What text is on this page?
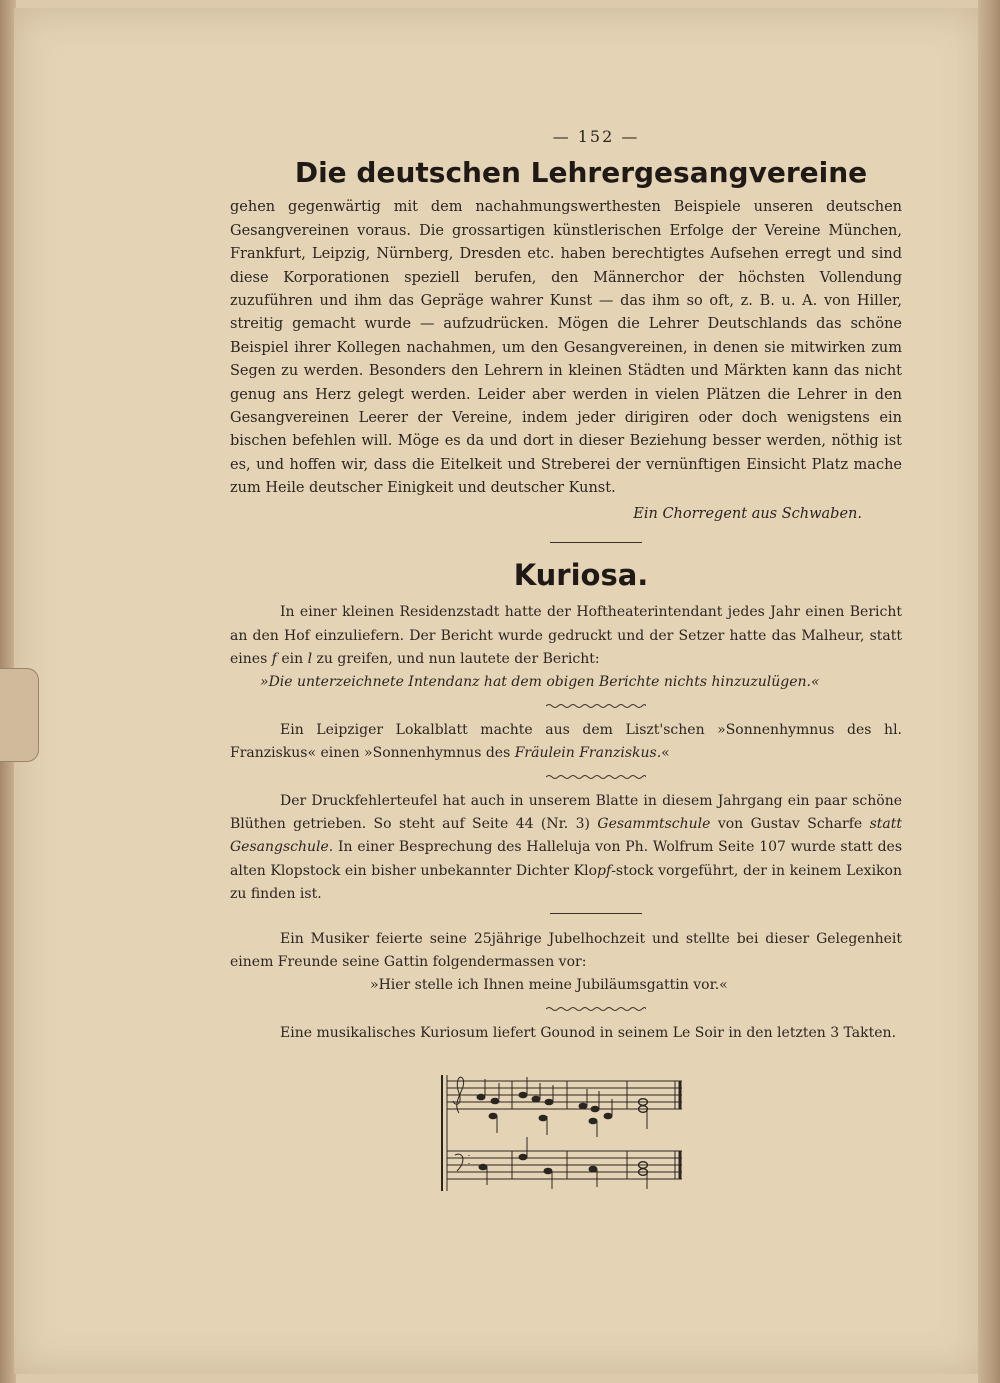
— 152 —
Die deutschen Lehrergesangvereine

gehen gegenwärtig mit dem nachahmungswerthesten Beispiele unseren deutschen Gesangvereinen voraus. Die grossartigen künstlerischen Erfolge der Vereine München, Frankfurt, Leipzig, Nürnberg, Dresden etc. haben berechtigtes Aufsehen erregt und sind diese Korporationen speziell berufen, den Männerchor der höchsten Vollendung zuzuführen und ihm das Gepräge wahrer Kunst — das ihm so oft, z. B. u. A. von Hiller, streitig gemacht wurde — aufzudrücken. Mögen die Lehrer Deutschlands das schöne Beispiel ihrer Kollegen nachahmen, um den Gesangvereinen, in denen sie mitwirken zum Segen zu werden. Besonders den Lehrern in kleinen Städten und Märkten kann das nicht genug ans Herz gelegt werden. Leider aber werden in vielen Plätzen die Lehrer in den Gesangvereinen Leerer der Vereine, indem jeder dirigiren oder doch wenigstens ein bischen befehlen will. Möge es da und dort in dieser Beziehung besser werden, nöthig ist es, und hoffen wir, dass die Eitelkeit und Streberei der vernünftigen Einsicht Platz mache zum Heile deutscher Einigkeit und deutscher Kunst.

Ein Chorregent aus Schwaben.
Kuriosa.

In einer kleinen Residenzstadt hatte der Hoftheaterintendant jedes Jahr einen Bericht an den Hof einzuliefern. Der Bericht wurde gedruckt und der Setzer hatte das Malheur, statt eines f ein l zu greifen, und nun lautete der Bericht:

»Die unterzeichnete Intendanz hat dem obigen Berichte nichts hinzuzulügen.«

Ein Leipziger Lokalblatt machte aus dem Liszt'schen »Sonnenhymnus des hl. Franziskus« einen »Sonnenhymnus des Fräulein Franziskus.«

Der Druckfehlerteufel hat auch in unserem Blatte in diesem Jahrgang ein paar schöne Blüthen getrieben. So steht auf Seite 44 (Nr. 3) Gesammtschule von Gustav Scharfe statt Gesangschule. In einer Besprechung des Halleluja von Ph. Wolfrum Seite 107 wurde statt des alten Klopstock ein bisher unbekannter Dichter Klopf-stock vorgeführt, der in keinem Lexikon zu finden ist.

Ein Musiker feierte seine 25jährige Jubelhochzeit und stellte bei dieser Gelegenheit einem Freunde seine Gattin folgendermassen vor:

»Hier stelle ich Ihnen meine Jubiläumsgattin vor.«

Eine musikalisches Kuriosum liefert Gounod in seinem Le Soir in den letzten 3 Takten.
